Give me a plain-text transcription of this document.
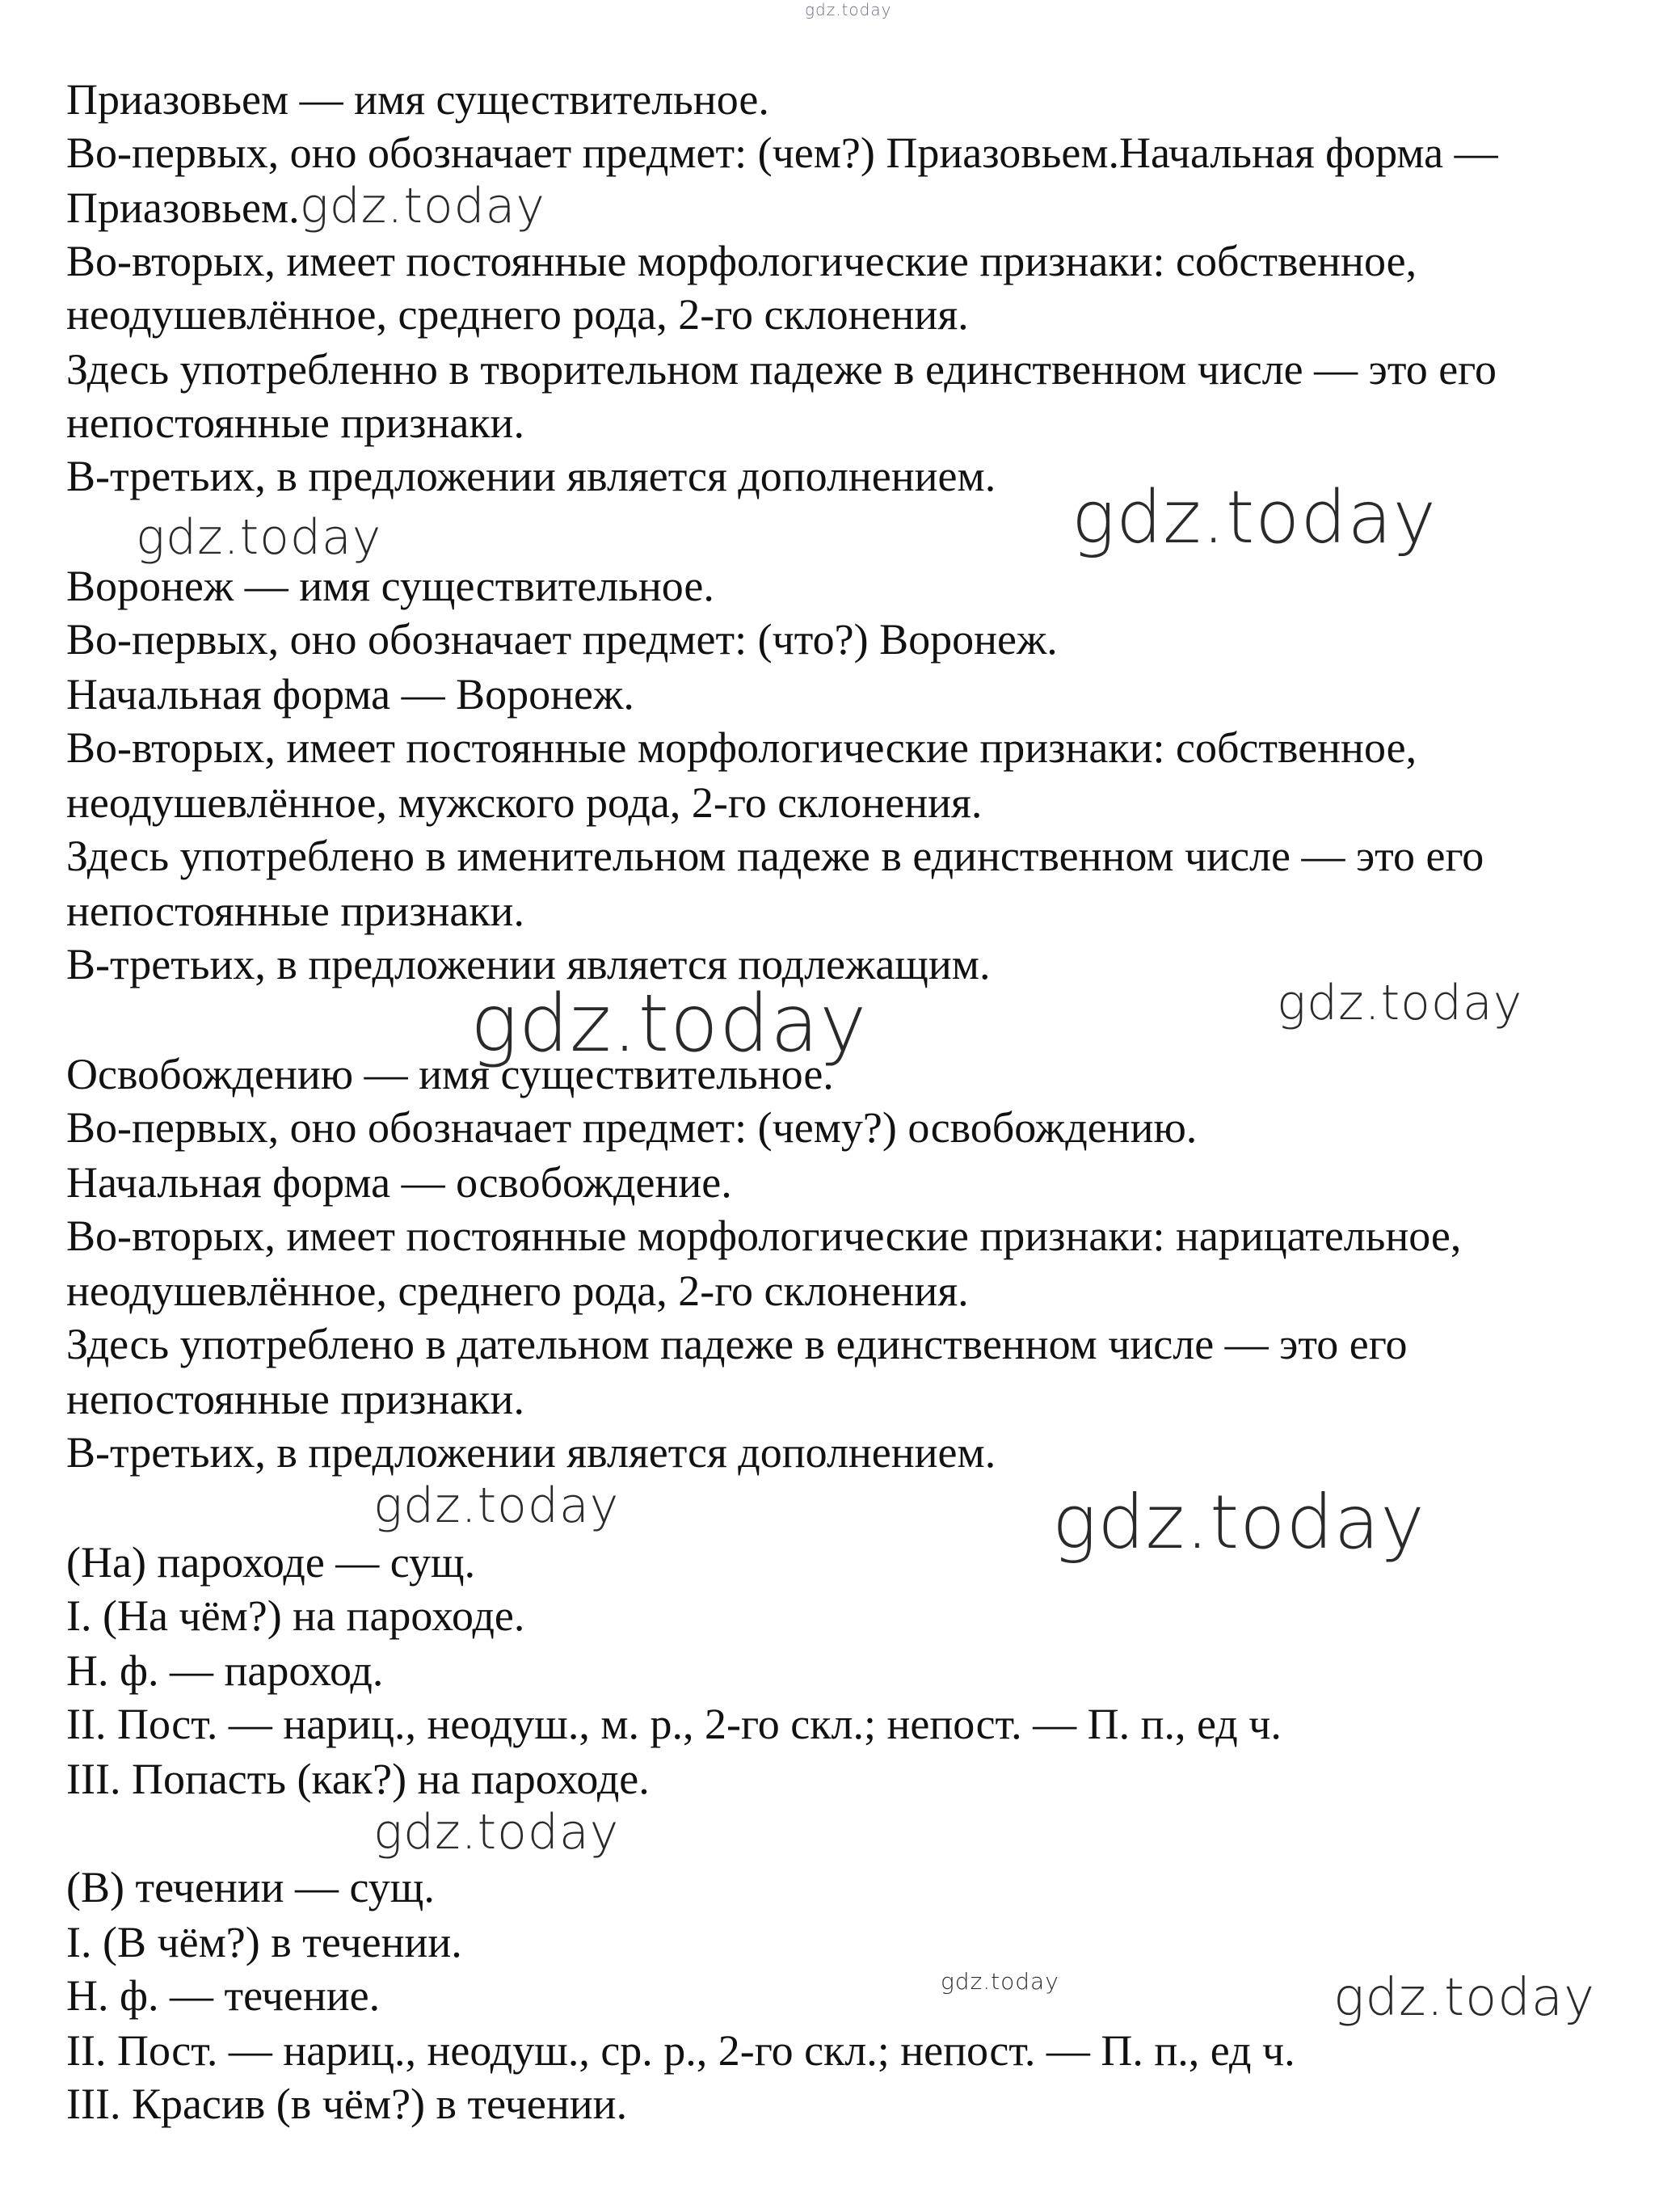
gdz.today
Приазовьем — имя существительное.
Во-первых, оно обозначает предмет: (чем?) Приазовьем.Начальная форма —
Приазовьем.gdz.today
Во-вторых, имеет постоянные морфологические признаки: собственное,
неодушевлённое, среднего рода, 2-го склонения.
Здесь употребленно в творительном падеже в единственном числе — это его
непостоянные признаки.
В-третьих, в предложении является дополнением.
gdz.today	gdz.today
Воронеж — имя существительное.
Во-первых, оно обозначает предмет: (что?) Воронеж.
Начальная форма — Воронеж.
Во-вторых, имеет постоянные морфологические признаки: собственное,
неодушевлённое, мужского рода, 2-го склонения.
Здесь употреблено в именительном падеже в единственном числе — это его
непостоянные признаки.
В-третьих, в предложении является подлежащим.
gdz.today	gdz.today
Освобождению — имя существительное.
Во-первых, оно обозначает предмет: (чему?) освобождению.
Начальная форма — освобождение.
Во-вторых, имеет постоянные морфологические признаки: нарицательное,
неодушевлённое, среднего рода, 2-го склонения.
Здесь употреблено в дательном падеже в единственном числе — это его
непостоянные признаки.
В-третьих, в предложении является дополнением.
gdz.today	gdz.today
(На) пароходе — сущ.
I. (На чём?) на пароходе.
Н. ф. — пароход.
II. Пост. — нариц., неодуш., м. р., 2-го скл.; непост. — П. п., ед ч.
III. Попасть (как?) на пароходе.
gdz.today
(В) течении — сущ.
I. (В чём?) в течении.
Н. ф. — течение.
II. Пост. — нариц., неодуш., ср. р., 2-го скл.; непост. — П. п., ед ч.
III. Красив (в чём?) в течении.
gdz.today	gdz.today
